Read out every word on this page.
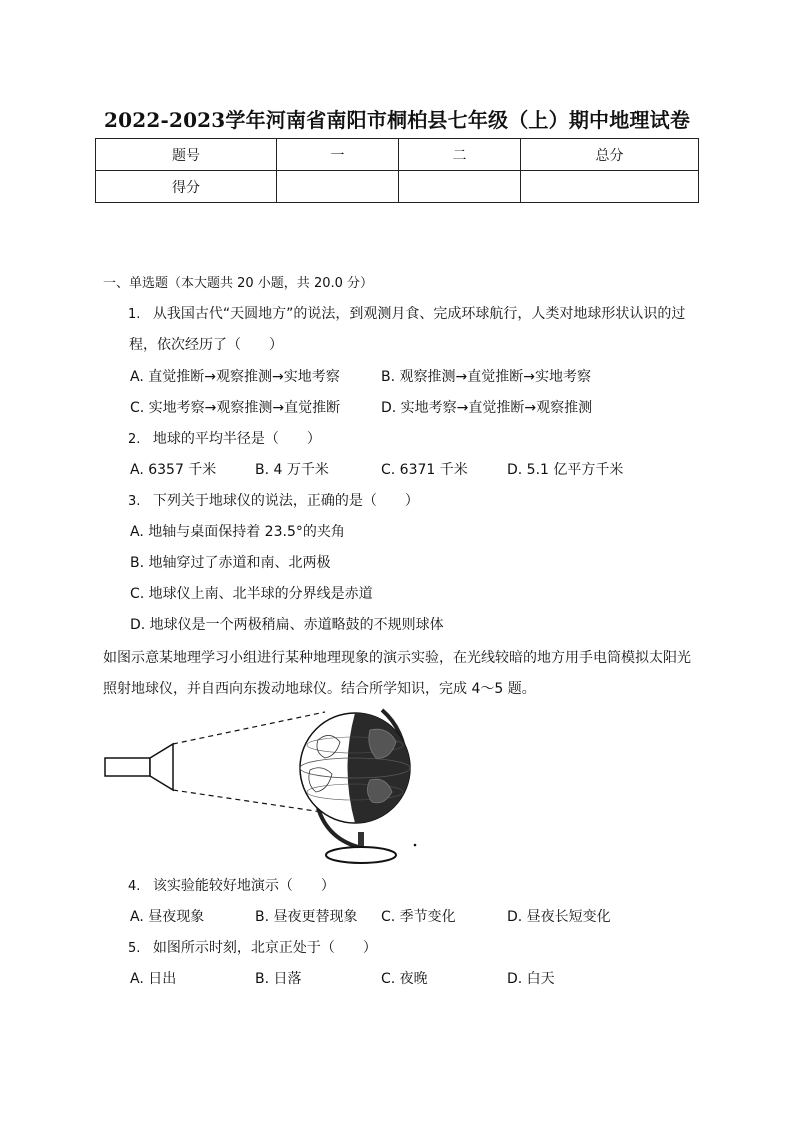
2022-2023学年河南省南阳市桐柏县七年级（上）期中地理试卷
题号	一	二	总分
得分			
一、单选题（本大题共 20 小题，共 20.0 分）
1. 从我国古代“天圆地方”的说法，到观测月食、完成环球航行，人类对地球形状认识的过
程，依次经历了（　　）
A. 直觉推断→观察推测→实地考察	B. 观察推测→直觉推断→实地考察
C. 实地考察→观察推测→直觉推断	D. 实地考察→直觉推断→观察推测
2. 地球的平均半径是（　　）
A. 6357 千米	B. 4 万千米	C. 6371 千米	D. 5.1 亿平方千米
3. 下列关于地球仪的说法，正确的是（　　）
A. 地轴与桌面保持着 23.5°的夹角
B. 地轴穿过了赤道和南、北两极
C. 地球仪上南、北半球的分界线是赤道
D. 地球仪是一个两极稍扁、赤道略鼓的不规则球体
如图示意某地理学习小组进行某种地理现象的演示实验，在光线较暗的地方用手电筒模拟太阳光
照射地球仪，并自西向东拨动地球仪。结合所学知识，完成 4～5 题。
4. 该实验能较好地演示（　　）
A. 昼夜现象	B. 昼夜更替现象 C. 季节变化	D. 昼夜长短变化
5. 如图所示时刻，北京正处于（　　）
A. 日出	B. 日落	C. 夜晚	D. 白天
